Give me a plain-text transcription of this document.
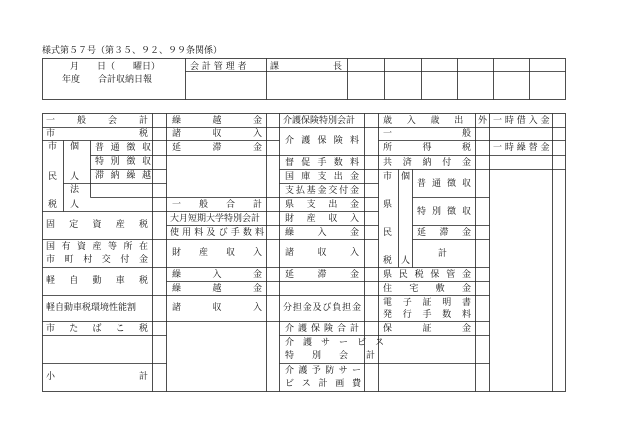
様式第５７号（第３５、９２、９９条関係）
月　　日（　　曜日）
年度　　合計収納日報
会 計 管 理 者	課	長
一　　般　　会　　計
市　　　　　　　　税
市
民
税
個
人
法
人
普 通 徴 収
特 別 徴 収
滞 納 繰 越
固　定　資　産　税
国 有 資 産 等 所 在
市 町 村 交 付 金
軽　自　動　車　税
軽自動車税環境性能割
市　た　ば　こ　税
小　　　　　　　　計
繰　　越　　金
諸　　収　　入
延　　滞　　金
一　般　合　計
大月短期大学特別会計
使用料及び手数料
財　　産　　収　　入
繰　　入　　金
繰　　越　　金
諸　　　収　　　入
介護保険特別会計
介 護 保 険 料
督 促 手 数 料
国 庫 支 出 金
支払基金交付金
県　支　出　金
財　産　収　入
繰　　入　　金
諸　　収　　入
延　　滞　　金
分担金及び負担金
介 護 保 険 合 計
介　護　サ　ー　ビ　ス
特　　別　　会　　計
介 護 予 防 サ ー
ビ ス 計 画 費
歳　入　歳　出　外
一　　　　　般
所　　得　　税
共 済 納 付 金
市
県
民
税
個
人
普 通 徴 収
特 別 徴 収
延　滞　金
計
県 民 税 保 管 金
住　宅　敷　金
電　子　証　明　書
発　行　手　数　料
保　　　証　　　金
一 時 借 入 金
一 時 繰 替 金
